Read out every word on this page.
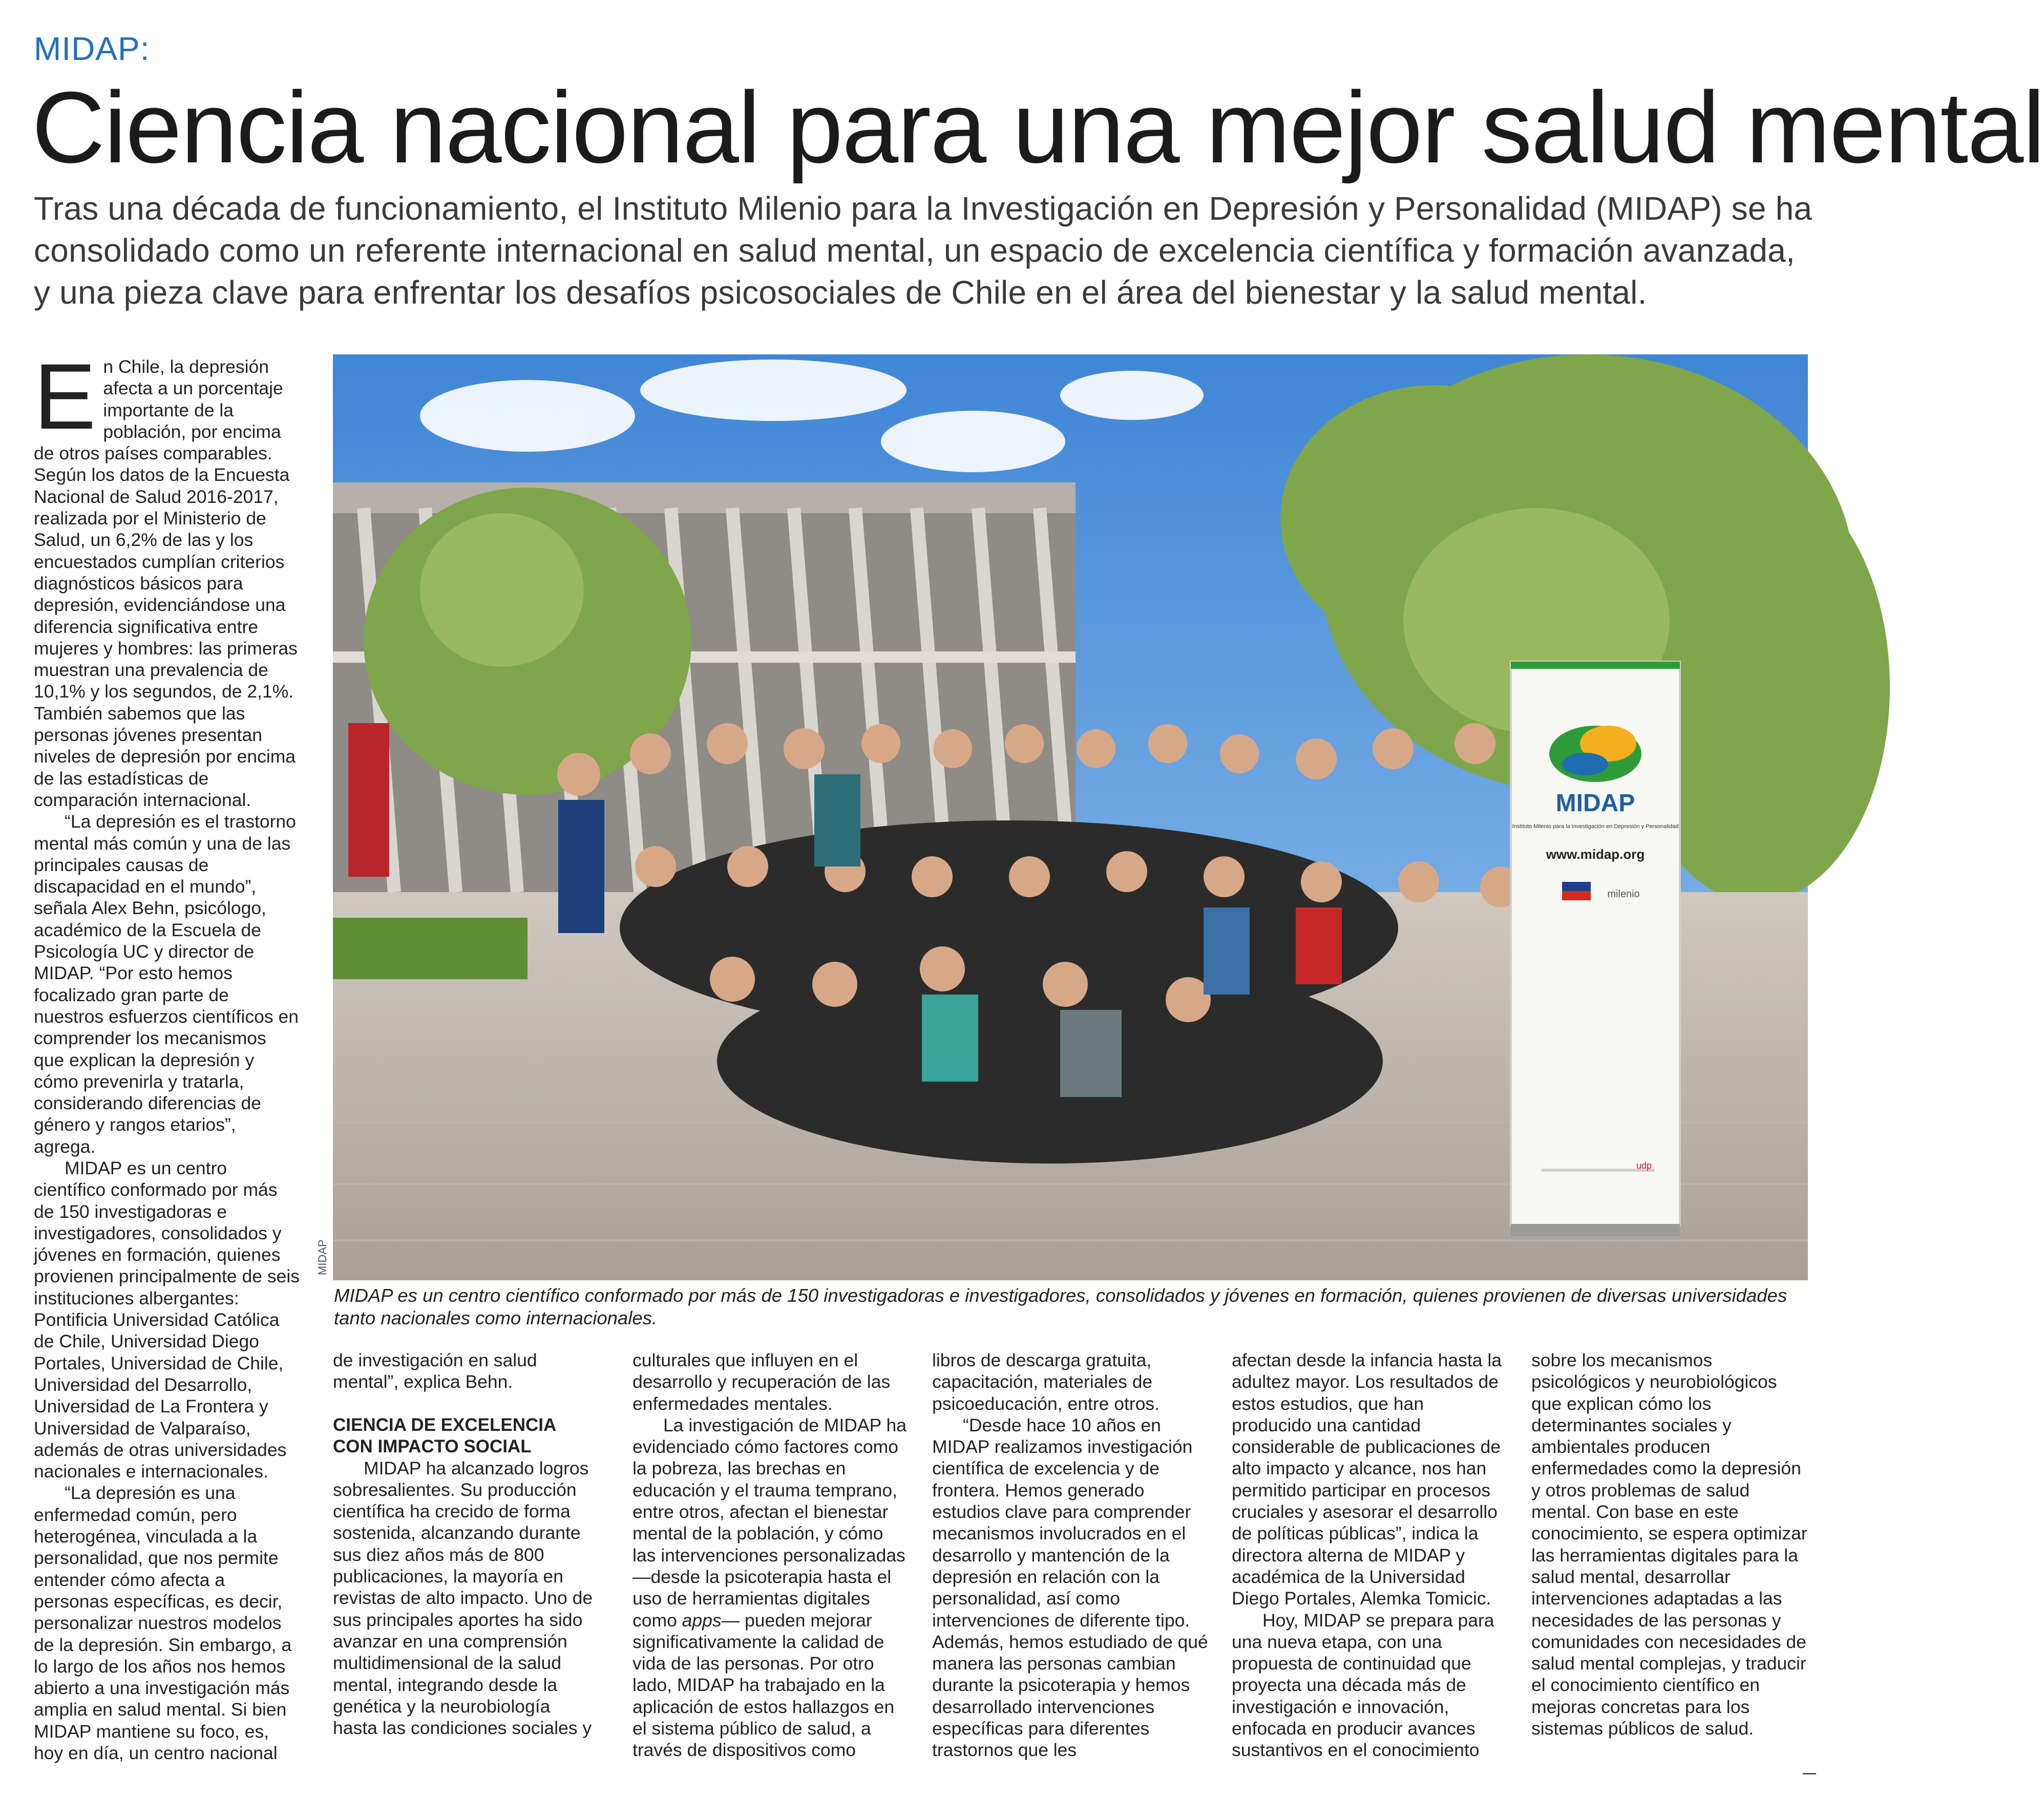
MIDAP:
Ciencia nacional para una mejor salud mental
Tras una década de funcionamiento, el Instituto Milenio para la Investigación en Depresión y Personalidad (MIDAP) se ha consolidado como un referente internacional en salud mental, un espacio de excelencia científica y formación avanzada, y una pieza clave para enfrentar los desafíos psicosociales de Chile en el área del bienestar y la salud mental.

En Chile, la depresión afecta a un porcentaje importante de la población, por encima de otros países comparables. Según los datos de la Encuesta Nacional de Salud 2016-2017, realizada por el Ministerio de Salud, un 6,2% de las y los encuestados cumplían criterios diagnósticos básicos para depresión, evidenciándose una diferencia significativa entre mujeres y hombres: las primeras muestran una prevalencia de 10,1% y los segundos, de 2,1%. También sabemos que las personas jóvenes presentan niveles de depresión por encima de las estadísticas de comparación internacional.

“La depresión es el trastorno mental más común y una de las principales causas de discapacidad en el mundo”, señala Alex Behn, psicólogo, académico de la Escuela de Psicología UC y director de MIDAP. “Por esto hemos focalizado gran parte de nuestros esfuerzos científicos en comprender los mecanismos que explican la depresión y cómo prevenirla y tratarla, considerando diferencias de género y rangos etarios”, agrega.

MIDAP es un centro científico conformado por más de 150 investigadoras e investigadores, consolidados y jóvenes en formación, quienes provienen principalmente de seis instituciones albergantes: Pontificia Universidad Católica de Chile, Universidad Diego Portales, Universidad de Chile, Universidad del Desarrollo, Universidad de La Frontera y Universidad de Valparaíso, además de otras universidades nacionales e internacionales.

“La depresión es una enfermedad común, pero heterogénea, vinculada a la personalidad, que nos permite entender cómo afecta a personas específicas, es decir, personalizar nuestros modelos de la depresión. Sin embargo, a lo largo de los años nos hemos abierto a una investigación más amplia en salud mental. Si bien MIDAP mantiene su foco, es, hoy en día, un centro nacional

MIDAP
Instituto Milenio para la Investigación en Depresión y Personalidad
www.midap.org
milenio
udp
MIDAP
MIDAP es un centro científico conformado por más de 150 investigadoras e investigadores, consolidados y jóvenes en formación, quienes provienen de diversas universidades tanto nacionales como internacionales.

de investigación en salud mental”, explica Behn.

CIENCIA DE EXCELENCIA CON IMPACTO SOCIAL

MIDAP ha alcanzado logros sobresalientes. Su producción científica ha crecido de forma sostenida, alcanzando durante sus diez años más de 800 publicaciones, la mayoría en revistas de alto impacto. Uno de sus principales aportes ha sido avanzar en una comprensión multidimensional de la salud mental, integrando desde la genética y la neurobiología hasta las condiciones sociales y

culturales que influyen en el desarrollo y recuperación de las enfermedades mentales.

La investigación de MIDAP ha evidenciado cómo factores como la pobreza, las brechas en educación y el trauma temprano, entre otros, afectan el bienestar mental de la población, y cómo las intervenciones personalizadas —desde la psicoterapia hasta el uso de herramientas digitales como apps— pueden mejorar significativamente la calidad de vida de las personas. Por otro lado, MIDAP ha trabajado en la aplicación de estos hallazgos en el sistema público de salud, a través de dispositivos como

libros de descarga gratuita, capacitación, materiales de psicoeducación, entre otros.

“Desde hace 10 años en MIDAP realizamos investigación científica de excelencia y de frontera. Hemos generado estudios clave para comprender mecanismos involucrados en el desarrollo y mantención de la depresión en relación con la personalidad, así como intervenciones de diferente tipo. Además, hemos estudiado de qué manera las personas cambian durante la psicoterapia y hemos desarrollado intervenciones específicas para diferentes trastornos que les

afectan desde la infancia hasta la adultez mayor. Los resultados de estos estudios, que han producido una cantidad considerable de publicaciones de alto impacto y alcance, nos han permitido participar en procesos cruciales y asesorar el desarrollo de políticas públicas”, indica la directora alterna de MIDAP y académica de la Universidad Diego Portales, Alemka Tomicic.

Hoy, MIDAP se prepara para una nueva etapa, con una propuesta de continuidad que proyecta una década más de investigación e innovación, enfocada en producir avances sustantivos en el conocimiento

sobre los mecanismos psicológicos y neurobiológicos que explican cómo los determinantes sociales y ambientales producen enfermedades como la depresión y otros problemas de salud mental. Con base en este conocimiento, se espera optimizar las herramientas digitales para la salud mental, desarrollar intervenciones adaptadas a las necesidades de las personas y comunidades con necesidades de salud mental complejas, y traducir el conocimiento científico en mejoras concretas para los sistemas públicos de salud.
